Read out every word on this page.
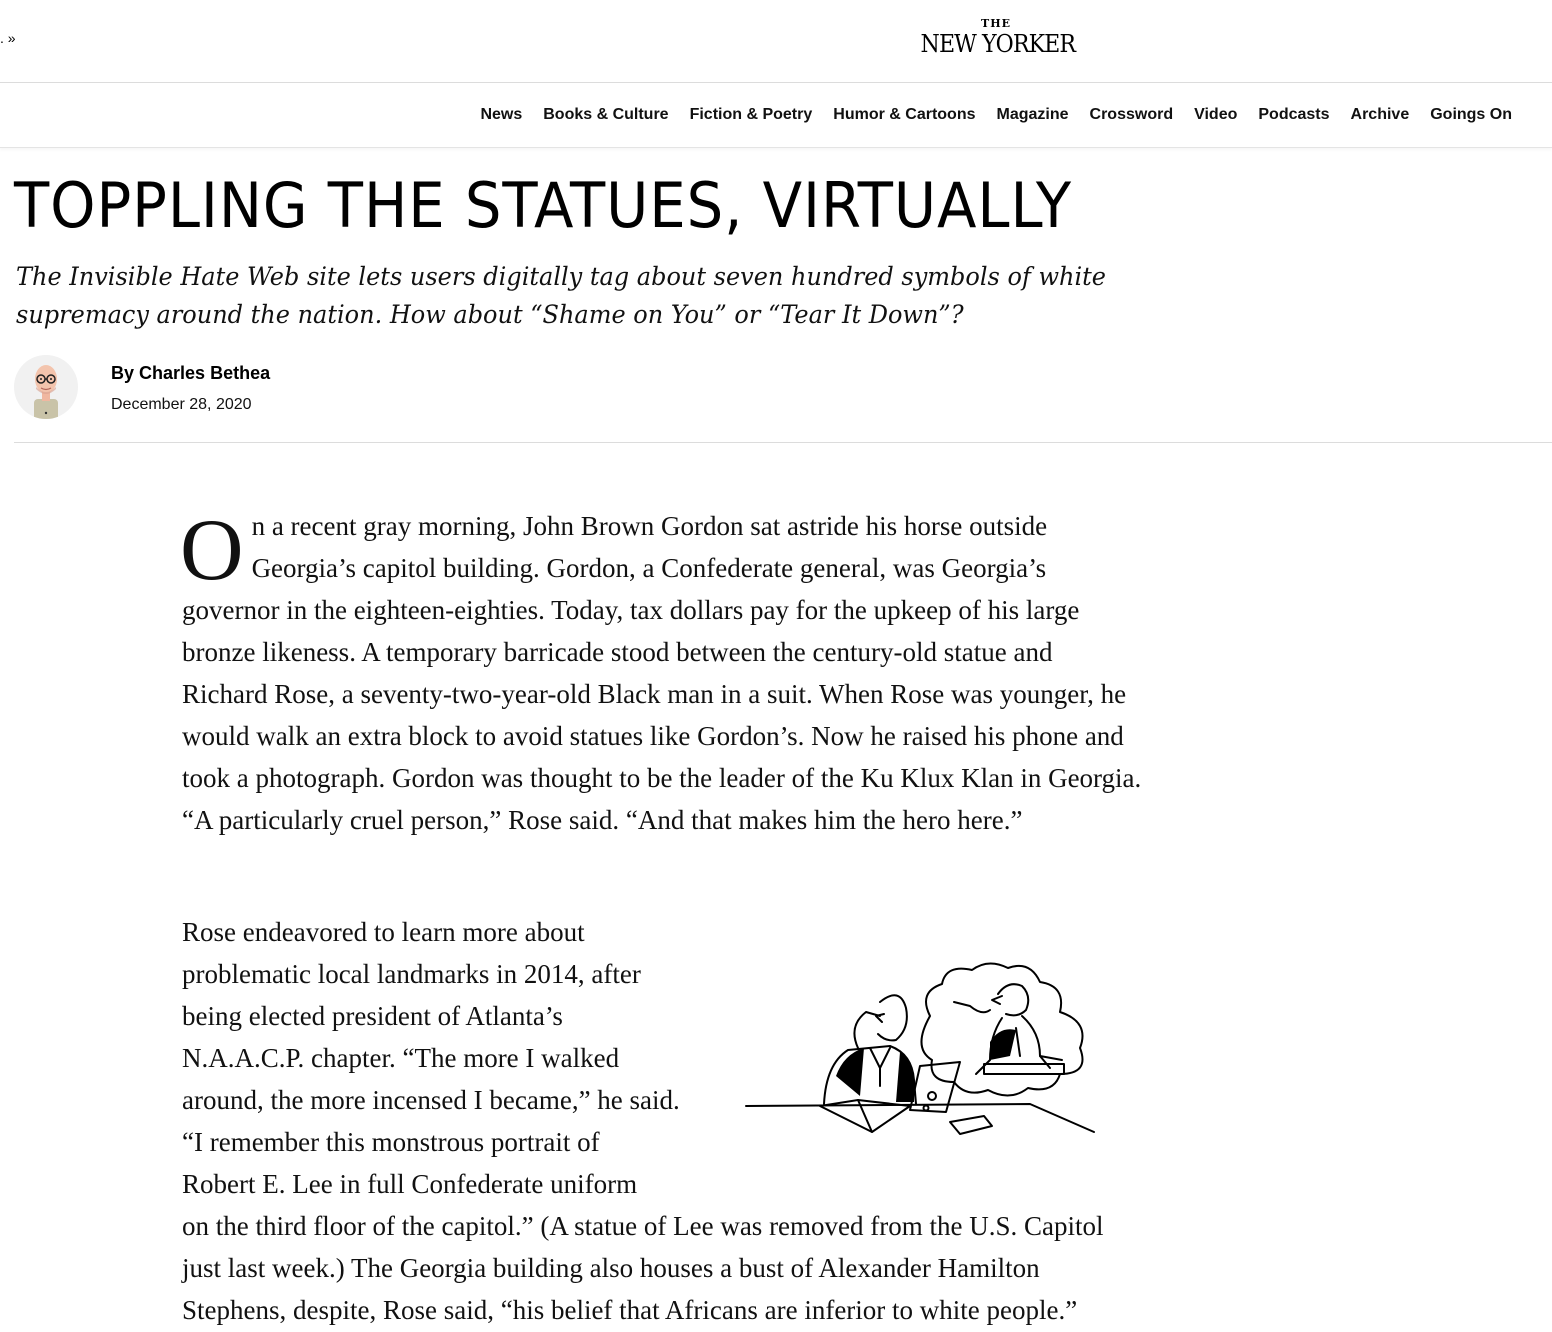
. »
THE
NEW YORKER
News Books & Culture Fiction & Poetry Humor & Cartoons Magazine Crossword Video Podcasts Archive Goings On
TOPPLING THE STATUES, VIRTUALLY

The Invisible Hate Web site lets users digitally tag about seven hundred symbols of white supremacy around the nation. How about “Shame on You” or “Tear It Down”?

By Charles Bethea
December 28, 2020

On a recent gray morning, John Brown Gordon sat astride his horse outside Georgia’s capitol building. Gordon, a Confederate general, was Georgia’s governor in the eighteen-eighties. Today, tax dollars pay for the upkeep of his large bronze likeness. A temporary barricade stood between the century-old statue and Richard Rose, a seventy-two-year-old Black man in a suit. When Rose was younger, he would walk an extra block to avoid statues like Gordon’s. Now he raised his phone and took a photograph. Gordon was thought to be the leader of the Ku Klux Klan in Georgia. “A particularly cruel person,” Rose said. “And that makes him the hero here.”

Rose endeavored to learn more about
problematic local landmarks in 2014, after
being elected president of Atlanta’s
N.A.A.C.P. chapter. “The more I walked
around, the more incensed I became,” he said.
“I remember this monstrous portrait of
Robert E. Lee in full Confederate uniform
on the third floor of the capitol.” (A statue of Lee was removed from the U.S. Capitol
just last week.) The Georgia building also houses a bust of Alexander Hamilton
Stephens, despite, Rose said, “his belief that Africans are inferior to white people.”
